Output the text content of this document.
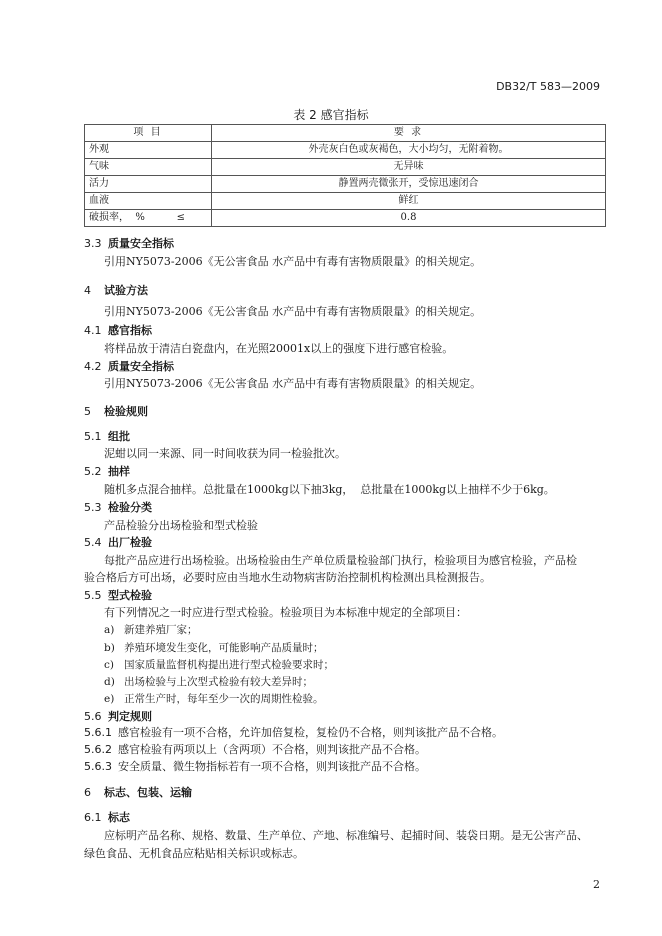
DB32/T 583—2009
表 2 感官指标
项 目	要 求
外观	外壳灰白色或灰褐色，大小均匀，无附着物。
气味	无异味
活力	静置两壳微张开，受惊迅速闭合
血液	鲜红
破损率，  %          ≤	0.8
3.3 质量安全指标
引用NY5073-2006《无公害食品 水产品中有毒有害物质限量》的相关规定。
4 试验方法
引用NY5073-2006《无公害食品 水产品中有毒有害物质限量》的相关规定。
4.1 感官指标
将样品放于清洁白瓷盘内，在光照20001x以上的强度下进行感官检验。
4.2 质量安全指标
引用NY5073-2006《无公害食品 水产品中有毒有害物质限量》的相关规定。
5 检验规则
5.1 组批
泥蚶以同一来源、同一时间收获为同一检验批次。
5.2 抽样
随机多点混合抽样。总批量在1000kg以下抽3kg，  总批量在1000kg以上抽样不少于6kg。
5.3 检验分类
产品检验分出场检验和型式检验
5.4 出厂检验
每批产品应进行出场检验。出场检验由生产单位质量检验部门执行，检验项目为感官检验，产品检
验合格后方可出场，必要时应由当地水生动物病害防治控制机构检测出具检测报告。
5.5 型式检验
有下列情况之一时应进行型式检验。检验项目为本标准中规定的全部项目：
a) 新建养殖厂家；
b) 养殖环境发生变化，可能影响产品质量时；
c) 国家质量监督机构提出进行型式检验要求时；
d) 出场检验与上次型式检验有较大差异时；
e) 正常生产时，每年至少一次的周期性检验。
5.6 判定规则
5.6.1 感官检验有一项不合格，允许加倍复检，复检仍不合格，则判该批产品不合格。
5.6.2 感官检验有两项以上（含两项）不合格，则判该批产品不合格。
5.6.3 安全质量、微生物指标若有一项不合格，则判该批产品不合格。
6 标志、包装、运输
6.1 标志
应标明产品名称、规格、数量、生产单位、产地、标准编号、起捕时间、装袋日期。是无公害产品、
绿色食品、无机食品应粘贴相关标识或标志。
2
